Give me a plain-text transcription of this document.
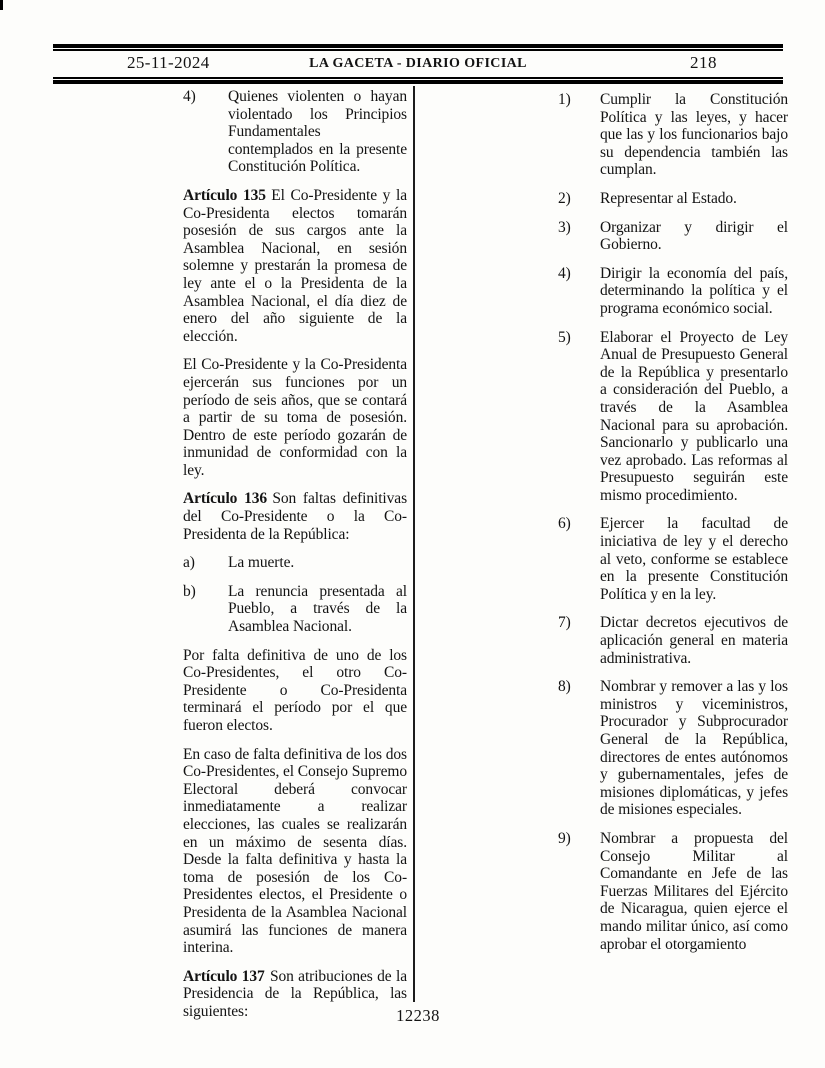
25-11-2024	LA GACETA - DIARIO OFICIAL	218
4)	Quienes violenten o hayan violentado los Principios Fundamentales contemplados en la presente Constitución Política.

Artículo 135 El Co-Presidente y la Co-Presidenta electos tomarán posesión de sus cargos ante la Asamblea Nacional, en sesión solemne y prestarán la promesa de ley ante el o la Presidenta de la Asamblea Nacional, el día diez de enero del año siguiente de la elección.

El Co-Presidente y la Co-Presidenta ejercerán sus funciones por un período de seis años, que se contará a partir de su toma de posesión. Dentro de este período gozarán de inmunidad de conformidad con la ley.

Artículo 136 Son faltas definitivas del Co-Presidente o la Co-Presidenta de la República:

a)	La muerte.
b)	La renuncia presentada al Pueblo, a través de la Asamblea Nacional.

Por falta definitiva de uno de los Co-Presidentes, el otro Co-Presidente o Co-Presidenta terminará el período por el que fueron electos.

En caso de falta definitiva de los dos Co-Presidentes, el Consejo Supremo Electoral deberá convocar inmediatamente a realizar elecciones, las cuales se realizarán en un máximo de sesenta días. Desde la falta definitiva y hasta la toma de posesión de los Co-Presidentes electos, el Presidente o Presidenta de la Asamblea Nacional asumirá las funciones de manera interina.

Artículo 137 Son atribuciones de la Presidencia de la República, las siguientes:

1)	Cumplir la Constitución Política y las leyes, y hacer que las y los funcionarios bajo su dependencia también las cumplan.
2)	Representar al Estado.
3)	Organizar y dirigir el Gobierno.
4)	Dirigir la economía del país, determinando la política y el programa económico social.
5)	Elaborar el Proyecto de Ley Anual de Presupuesto General de la República y presentarlo a consideración del Pueblo, a través de la Asamblea Nacional para su aprobación. Sancionarlo y publicarlo una vez aprobado. Las reformas al Presupuesto seguirán este mismo procedimiento.
6)	Ejercer la facultad de iniciativa de ley y el derecho al veto, conforme se establece en la presente Constitución Política y en la ley.
7)	Dictar decretos ejecutivos de aplicación general en materia administrativa.
8)	Nombrar y remover a las y los ministros y viceministros, Procurador y Subprocurador General de la República, directores de entes autónomos y gubernamentales, jefes de misiones diplomáticas, y jefes de misiones especiales.
9)	Nombrar a propuesta del Consejo Militar al Comandante en Jefe de las Fuerzas Militares del Ejército de Nicaragua, quien ejerce el mando militar único, así como aprobar el otorgamiento
12238
